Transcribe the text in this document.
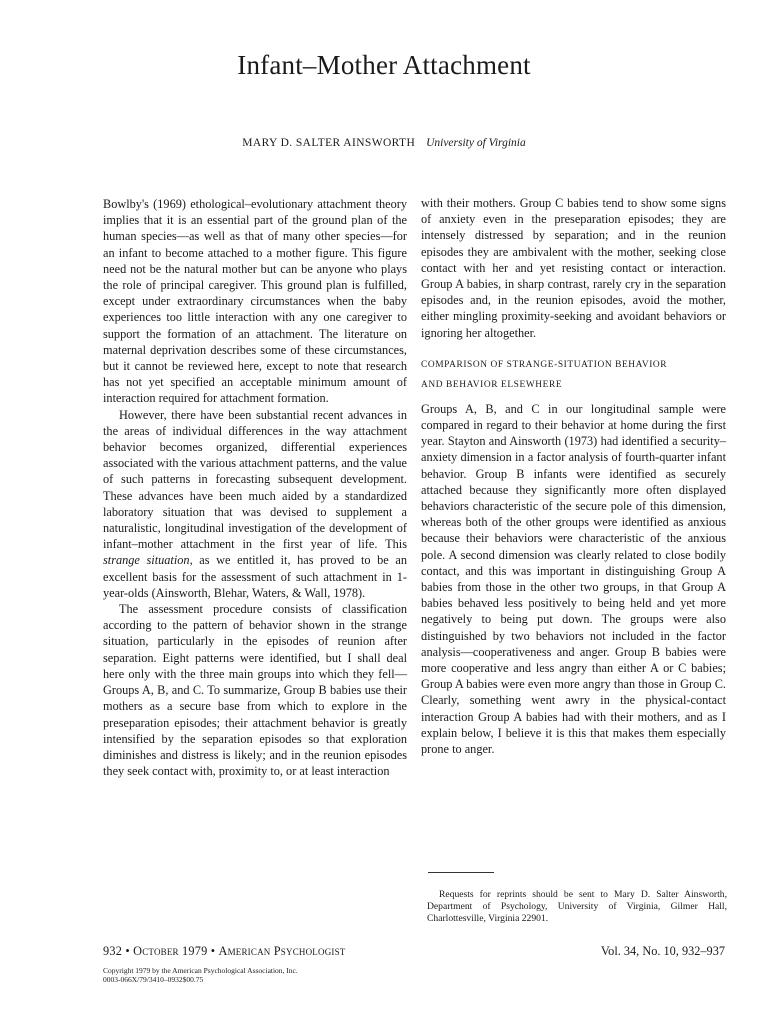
Infant–Mother Attachment
MARY D. SALTER AINSWORTH University of Virginia

Bowlby's (1969) ethological–evolutionary attachment theory implies that it is an essential part of the ground plan of the human species—as well as that of many other species—for an infant to become attached to a mother figure. This figure need not be the natural mother but can be anyone who plays the role of principal caregiver. This ground plan is fulfilled, except under extraordinary circumstances when the baby experiences too little interaction with any one caregiver to support the formation of an attachment. The literature on maternal deprivation describes some of these circumstances, but it cannot be reviewed here, except to note that research has not yet specified an acceptable minimum amount of interaction required for attachment formation.

However, there have been substantial recent advances in the areas of individual differences in the way attachment behavior becomes organized, differential experiences associated with the various attachment patterns, and the value of such patterns in forecasting subsequent development. These advances have been much aided by a standardized laboratory situation that was devised to supplement a naturalistic, longitudinal investigation of the development of infant–mother attachment in the first year of life. This strange situation, as we entitled it, has proved to be an excellent basis for the assessment of such attachment in 1-year-olds (Ainsworth, Blehar, Waters, & Wall, 1978).

The assessment procedure consists of classification according to the pattern of behavior shown in the strange situation, particularly in the episodes of reunion after separation. Eight patterns were identified, but I shall deal here only with the three main groups into which they fell—Groups A, B, and C. To summarize, Group B babies use their mothers as a secure base from which to explore in the preseparation episodes; their attachment behavior is greatly intensified by the separation episodes so that exploration diminishes and distress is likely; and in the reunion episodes they seek contact with, proximity to, or at least interaction

with their mothers. Group C babies tend to show some signs of anxiety even in the preseparation episodes; they are intensely distressed by separation; and in the reunion episodes they are ambivalent with the mother, seeking close contact with her and yet resisting contact or interaction. Group A babies, in sharp contrast, rarely cry in the separation episodes and, in the reunion episodes, avoid the mother, either mingling proximity-seeking and avoidant behaviors or ignoring her altogether.

COMPARISON OF STRANGE-SITUATION BEHAVIOR
AND BEHAVIOR ELSEWHERE

Groups A, B, and C in our longitudinal sample were compared in regard to their behavior at home during the first year. Stayton and Ainsworth (1973) had identified a security–anxiety dimension in a factor analysis of fourth-quarter infant behavior. Group B infants were identified as securely attached because they significantly more often displayed behaviors characteristic of the secure pole of this dimension, whereas both of the other groups were identified as anxious because their behaviors were characteristic of the anxious pole. A second dimension was clearly related to close bodily contact, and this was important in distinguishing Group A babies from those in the other two groups, in that Group A babies behaved less positively to being held and yet more negatively to being put down. The groups were also distinguished by two behaviors not included in the factor analysis—cooperativeness and anger. Group B babies were more cooperative and less angry than either A or C babies; Group A babies were even more angry than those in Group C. Clearly, something went awry in the physical-contact interaction Group A babies had with their mothers, and as I explain below, I believe it is this that makes them especially prone to anger.

Requests for reprints should be sent to Mary D. Salter Ainsworth, Department of Psychology, University of Virginia, Gilmer Hall, Charlottesville, Virginia 22901.
932 • October 1979 • American Psychologist	Vol. 34, No. 10, 932–937
Copyright 1979 by the American Psychological Association, Inc.
0003-066X/79/3410–0932$00.75
